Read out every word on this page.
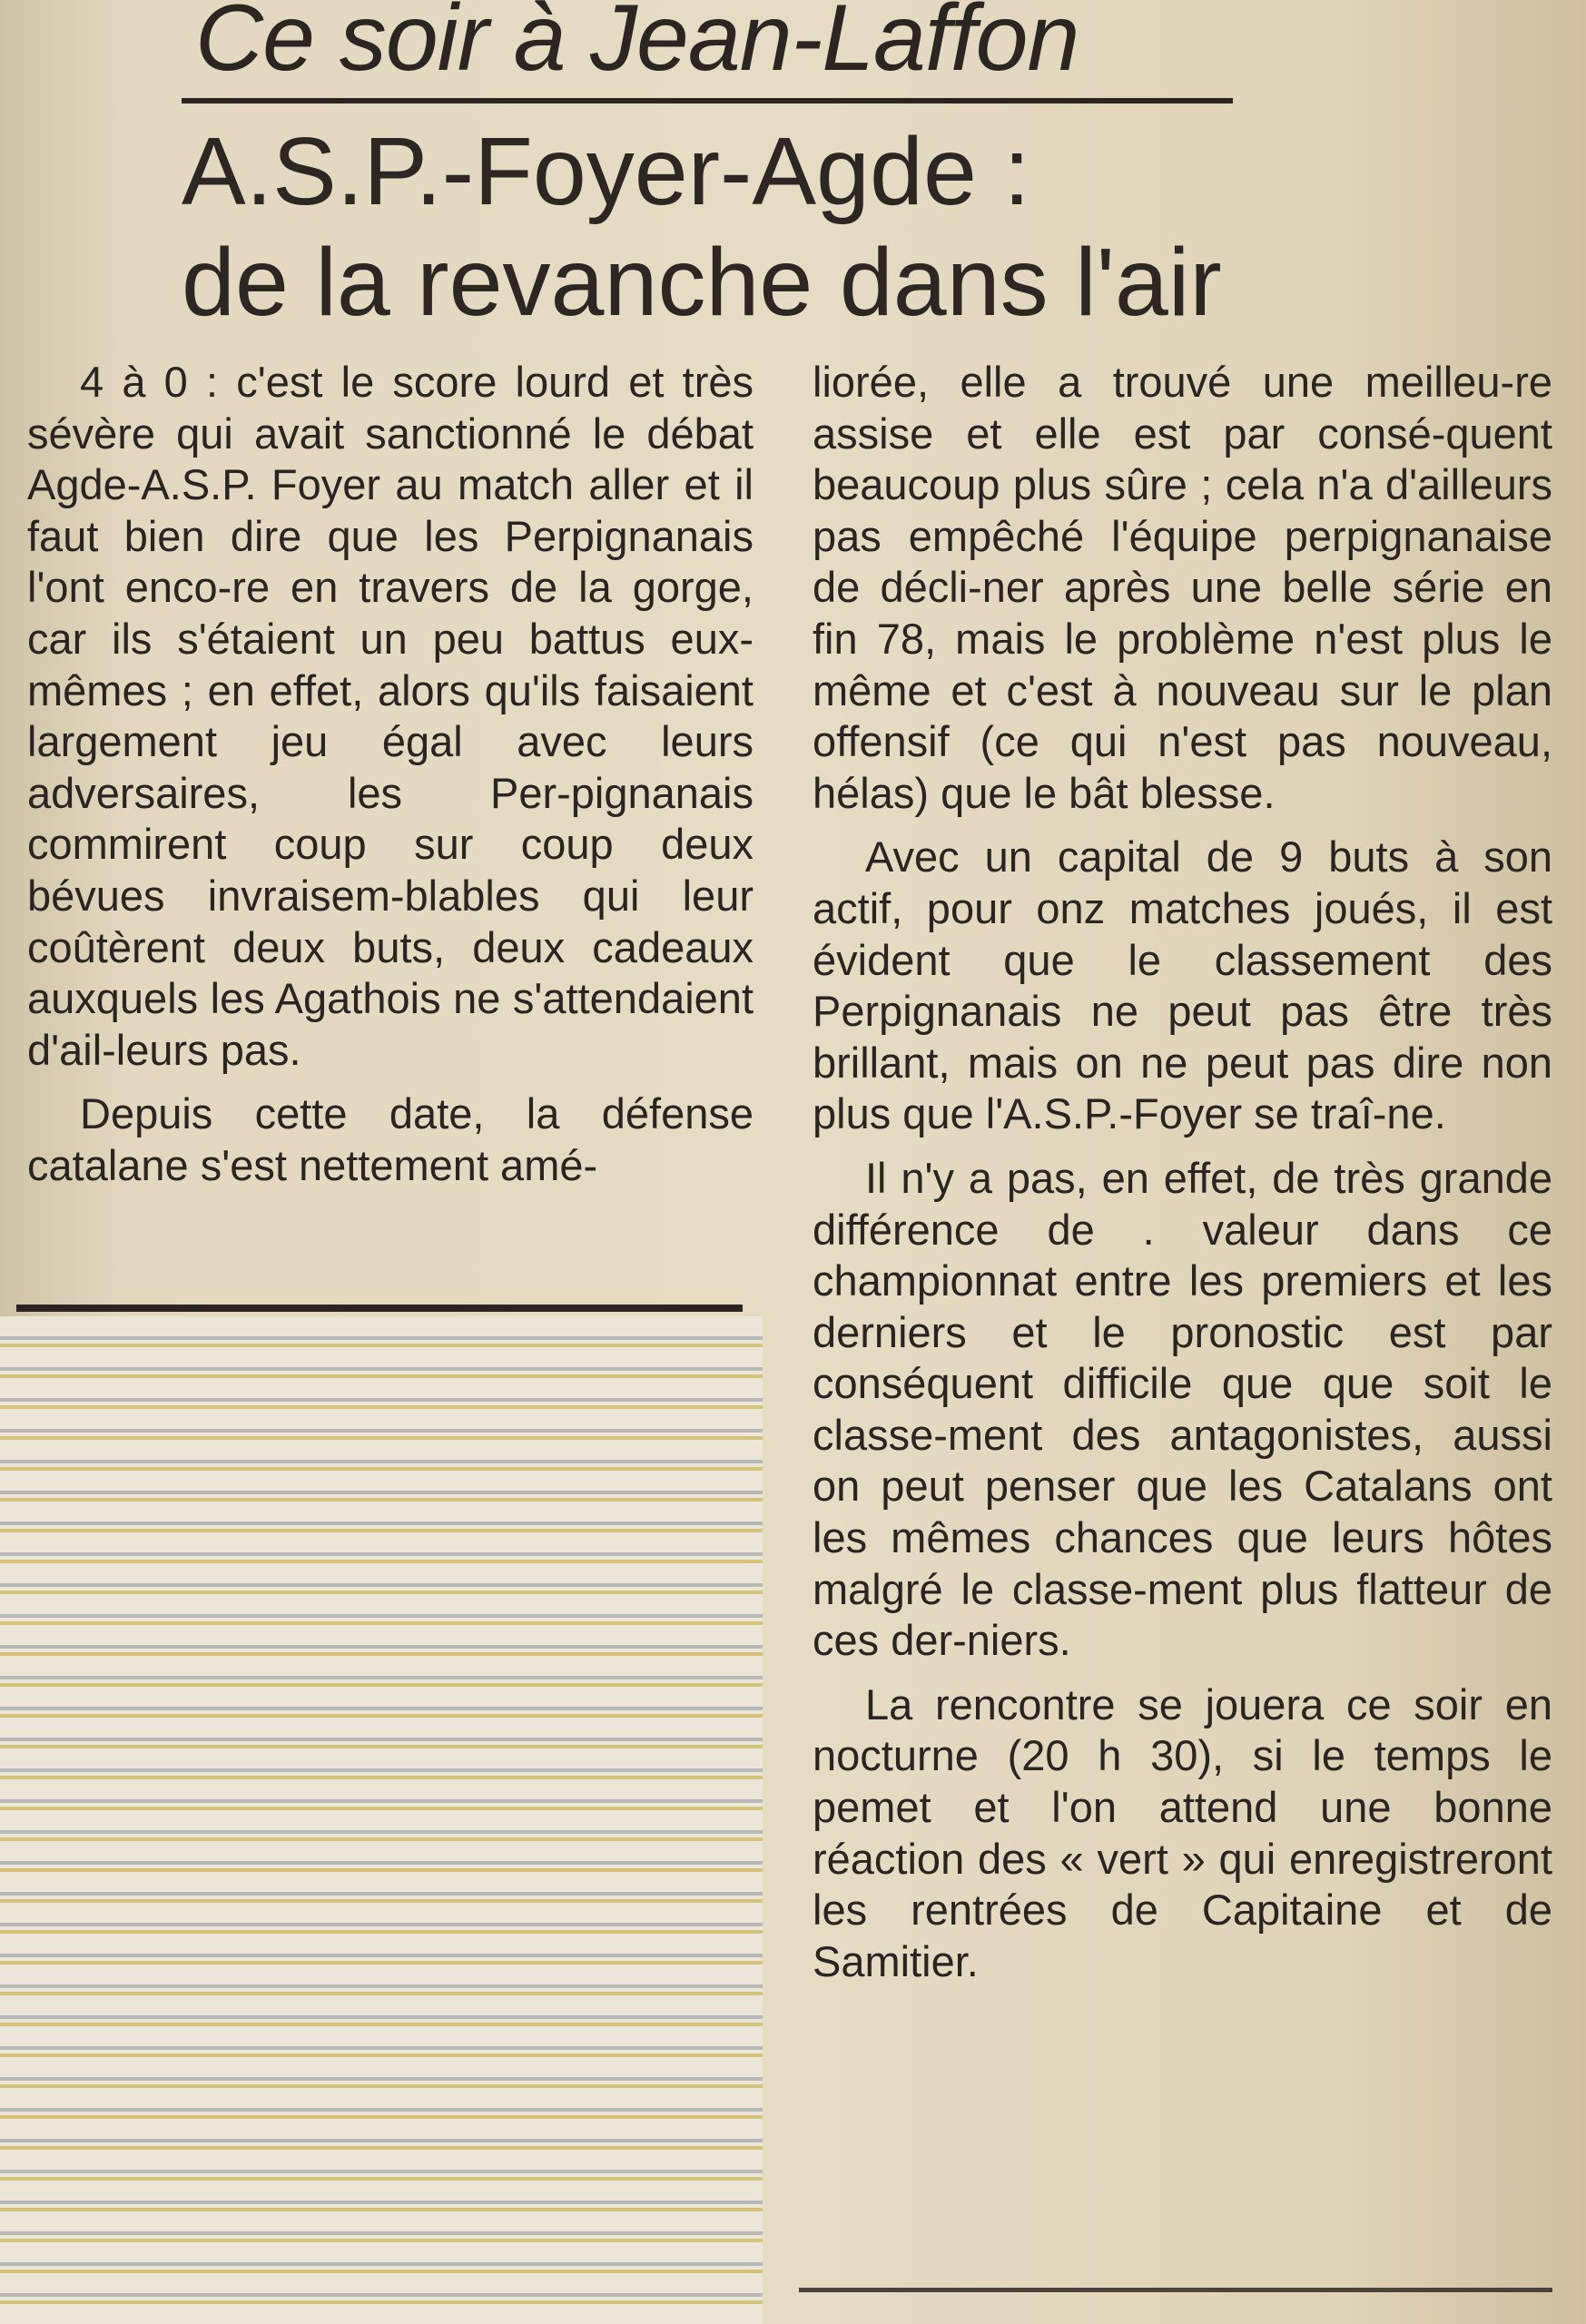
Ce soir à Jean-Laffon
A.S.P.-Foyer-Agde :
de la revanche dans l'air

4 à 0 : c'est le score lourd et très sévère qui avait sanctionné le débat Agde-A.S.P. Foyer au match aller et il faut bien dire que les Perpignanais l'ont enco-re en travers de la gorge, car ils s'étaient un peu battus eux-mêmes ; en effet, alors qu'ils faisaient largement jeu égal avec leurs adversaires, les Per-pignanais commirent coup sur coup deux bévues invraisem-blables qui leur coûtèrent deux buts, deux cadeaux auxquels les Agathois ne s'attendaient d'ail-leurs pas.

Depuis cette date, la défense catalane s'est nettement amé-

liorée, elle a trouvé une meilleu-re assise et elle est par consé-quent beaucoup plus sûre ; cela n'a d'ailleurs pas empêché l'équipe perpignanaise de décli-ner après une belle série en fin 78, mais le problème n'est plus le même et c'est à nouveau sur le plan offensif (ce qui n'est pas nouveau, hélas) que le bât blesse.

Avec un capital de 9 buts à son actif, pour onz matches joués, il est évident que le classement des Perpignanais ne peut pas être très brillant, mais on ne peut pas dire non plus que l'A.S.P.-Foyer se traî-ne.

Il n'y a pas, en effet, de très grande différence de . valeur dans ce championnat entre les premiers et les derniers et le pronostic est par conséquent difficile que que soit le classe-ment des antagonistes, aussi on peut penser que les Catalans ont les mêmes chances que leurs hôtes malgré le classe-ment plus flatteur de ces der-niers.

La rencontre se jouera ce soir en nocturne (20 h 30), si le temps le pemet et l'on attend une bonne réaction des « vert » qui enregistreront les rentrées de Capitaine et de Samitier.
